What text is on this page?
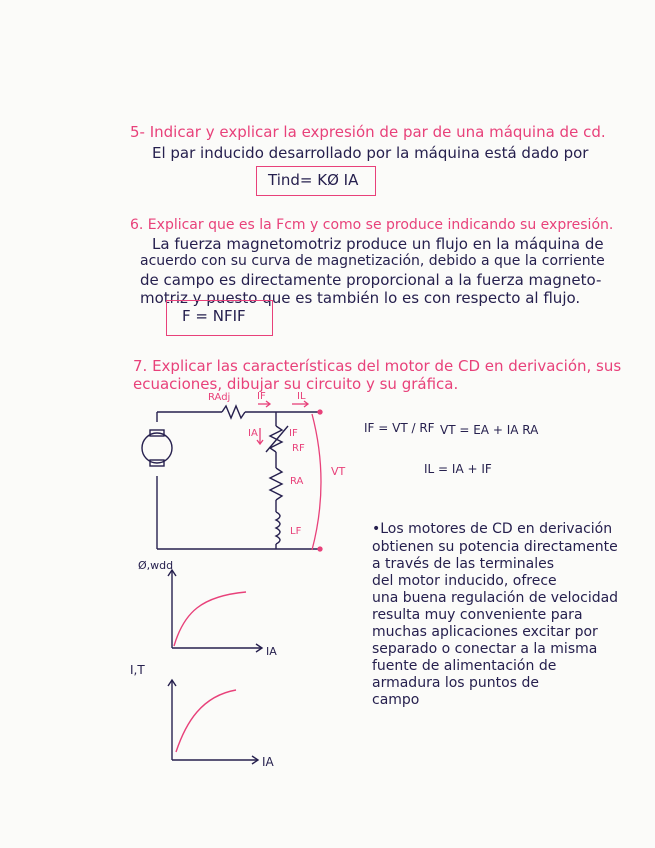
5- Indicar y explicar la expresión de par de una máquina de cd.
El par inducido desarrollado por la máquina está dado por
Tind= KØ IA
6. Explicar que es la Fcm y como se produce indicando su expresión.
La fuerza magnetomotriz produce un flujo en la máquina de
acuerdo con su curva de magnetización, debido a que la corriente
de campo es directamente proporcional a la fuerza magneto-
motriz y puesto que es también lo es con respecto al flujo.
F = NFIF
7. Explicar las características del motor de CD en derivación, sus
ecuaciones, dibujar su circuito y su gráfica.
RAdj	IF	IL
IA	IF
RF
RA
LF
VT
IF = VT / RF VT = EA + IA RA
IL = IA + IF
•Los motores de CD en derivación
obtienen su potencia directamente
a través de las terminales
del motor inducido, ofrece
una buena regulación de velocidad
resulta muy conveniente para
muchas aplicaciones excitar por
separado o conectar a la misma
fuente de alimentación de
armadura los puntos de
campo
Ø,wdd
IA
I,T
IA
